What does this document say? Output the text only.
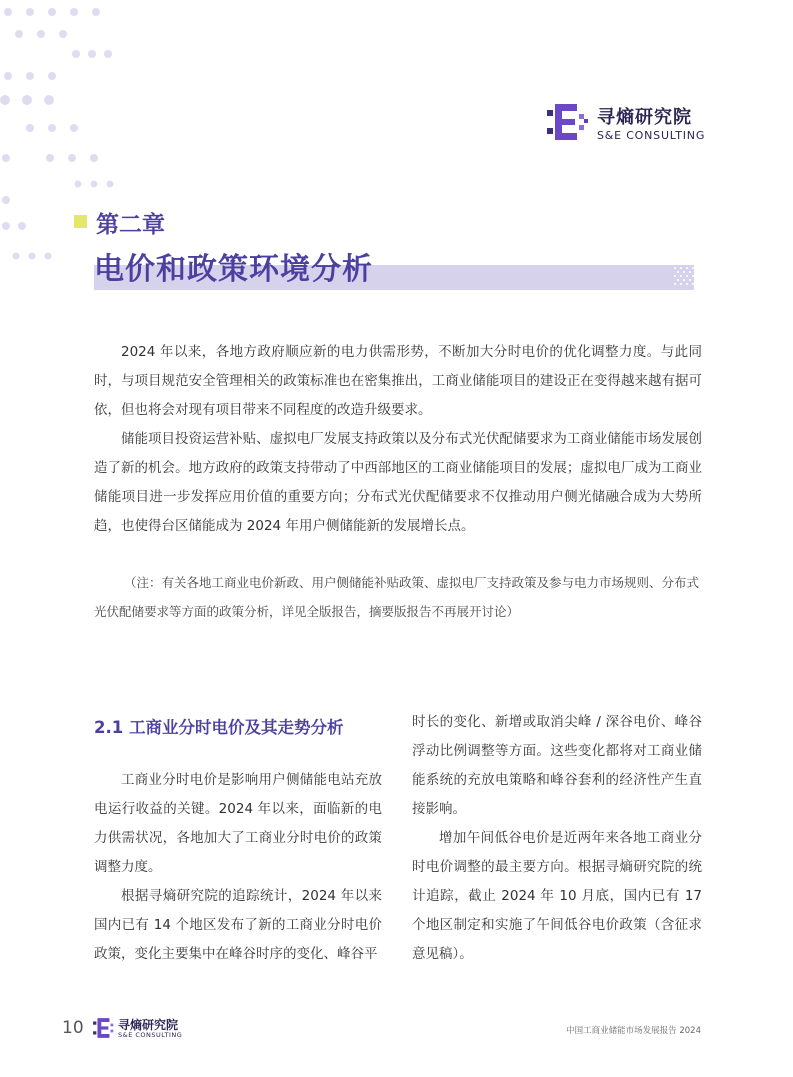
寻熵研究院
S&E CONSULTING
第二章
电价和政策环境分析

2024 年以来，各地方政府顺应新的电力供需形势，不断加大分时电价的优化调整力度。与此同时，与项目规范安全管理相关的政策标准也在密集推出，工商业储能项目的建设正在变得越来越有据可依，但也将会对现有项目带来不同程度的改造升级要求。

储能项目投资运营补贴、虚拟电厂发展支持政策以及分布式光伏配储要求为工商业储能市场发展创造了新的机会。地方政府的政策支持带动了中西部地区的工商业储能项目的发展；虚拟电厂成为工商业储能项目进一步发挥应用价值的重要方向；分布式光伏配储要求不仅推动用户侧光储融合成为大势所趋，也使得台区储能成为 2024 年用户侧储能新的发展增长点。

（注：有关各地工商业电价新政、用户侧储能补贴政策、虚拟电厂支持政策及参与电力市场规则、分布式光伏配储要求等方面的政策分析，详见全版报告，摘要版报告不再展开讨论）

2.1 工商业分时电价及其走势分析

工商业分时电价是影响用户侧储能电站充放电运行收益的关键。2024 年以来，面临新的电力供需状况，各地加大了工商业分时电价的政策调整力度。

根据寻熵研究院的追踪统计，2024 年以来国内已有 14 个地区发布了新的工商业分时电价政策，变化主要集中在峰谷时序的变化、峰谷平

时长的变化、新增或取消尖峰 / 深谷电价、峰谷浮动比例调整等方面。这些变化都将对工商业储能系统的充放电策略和峰谷套利的经济性产生直接影响。

增加午间低谷电价是近两年来各地工商业分时电价调整的最主要方向。根据寻熵研究院的统计追踪，截止 2024 年 10 月底，国内已有 17 个地区制定和实施了午间低谷电价政策（含征求意见稿）。

10	寻熵研究院
S&E CONSULTING	中国工商业储能市场发展报告 2024
